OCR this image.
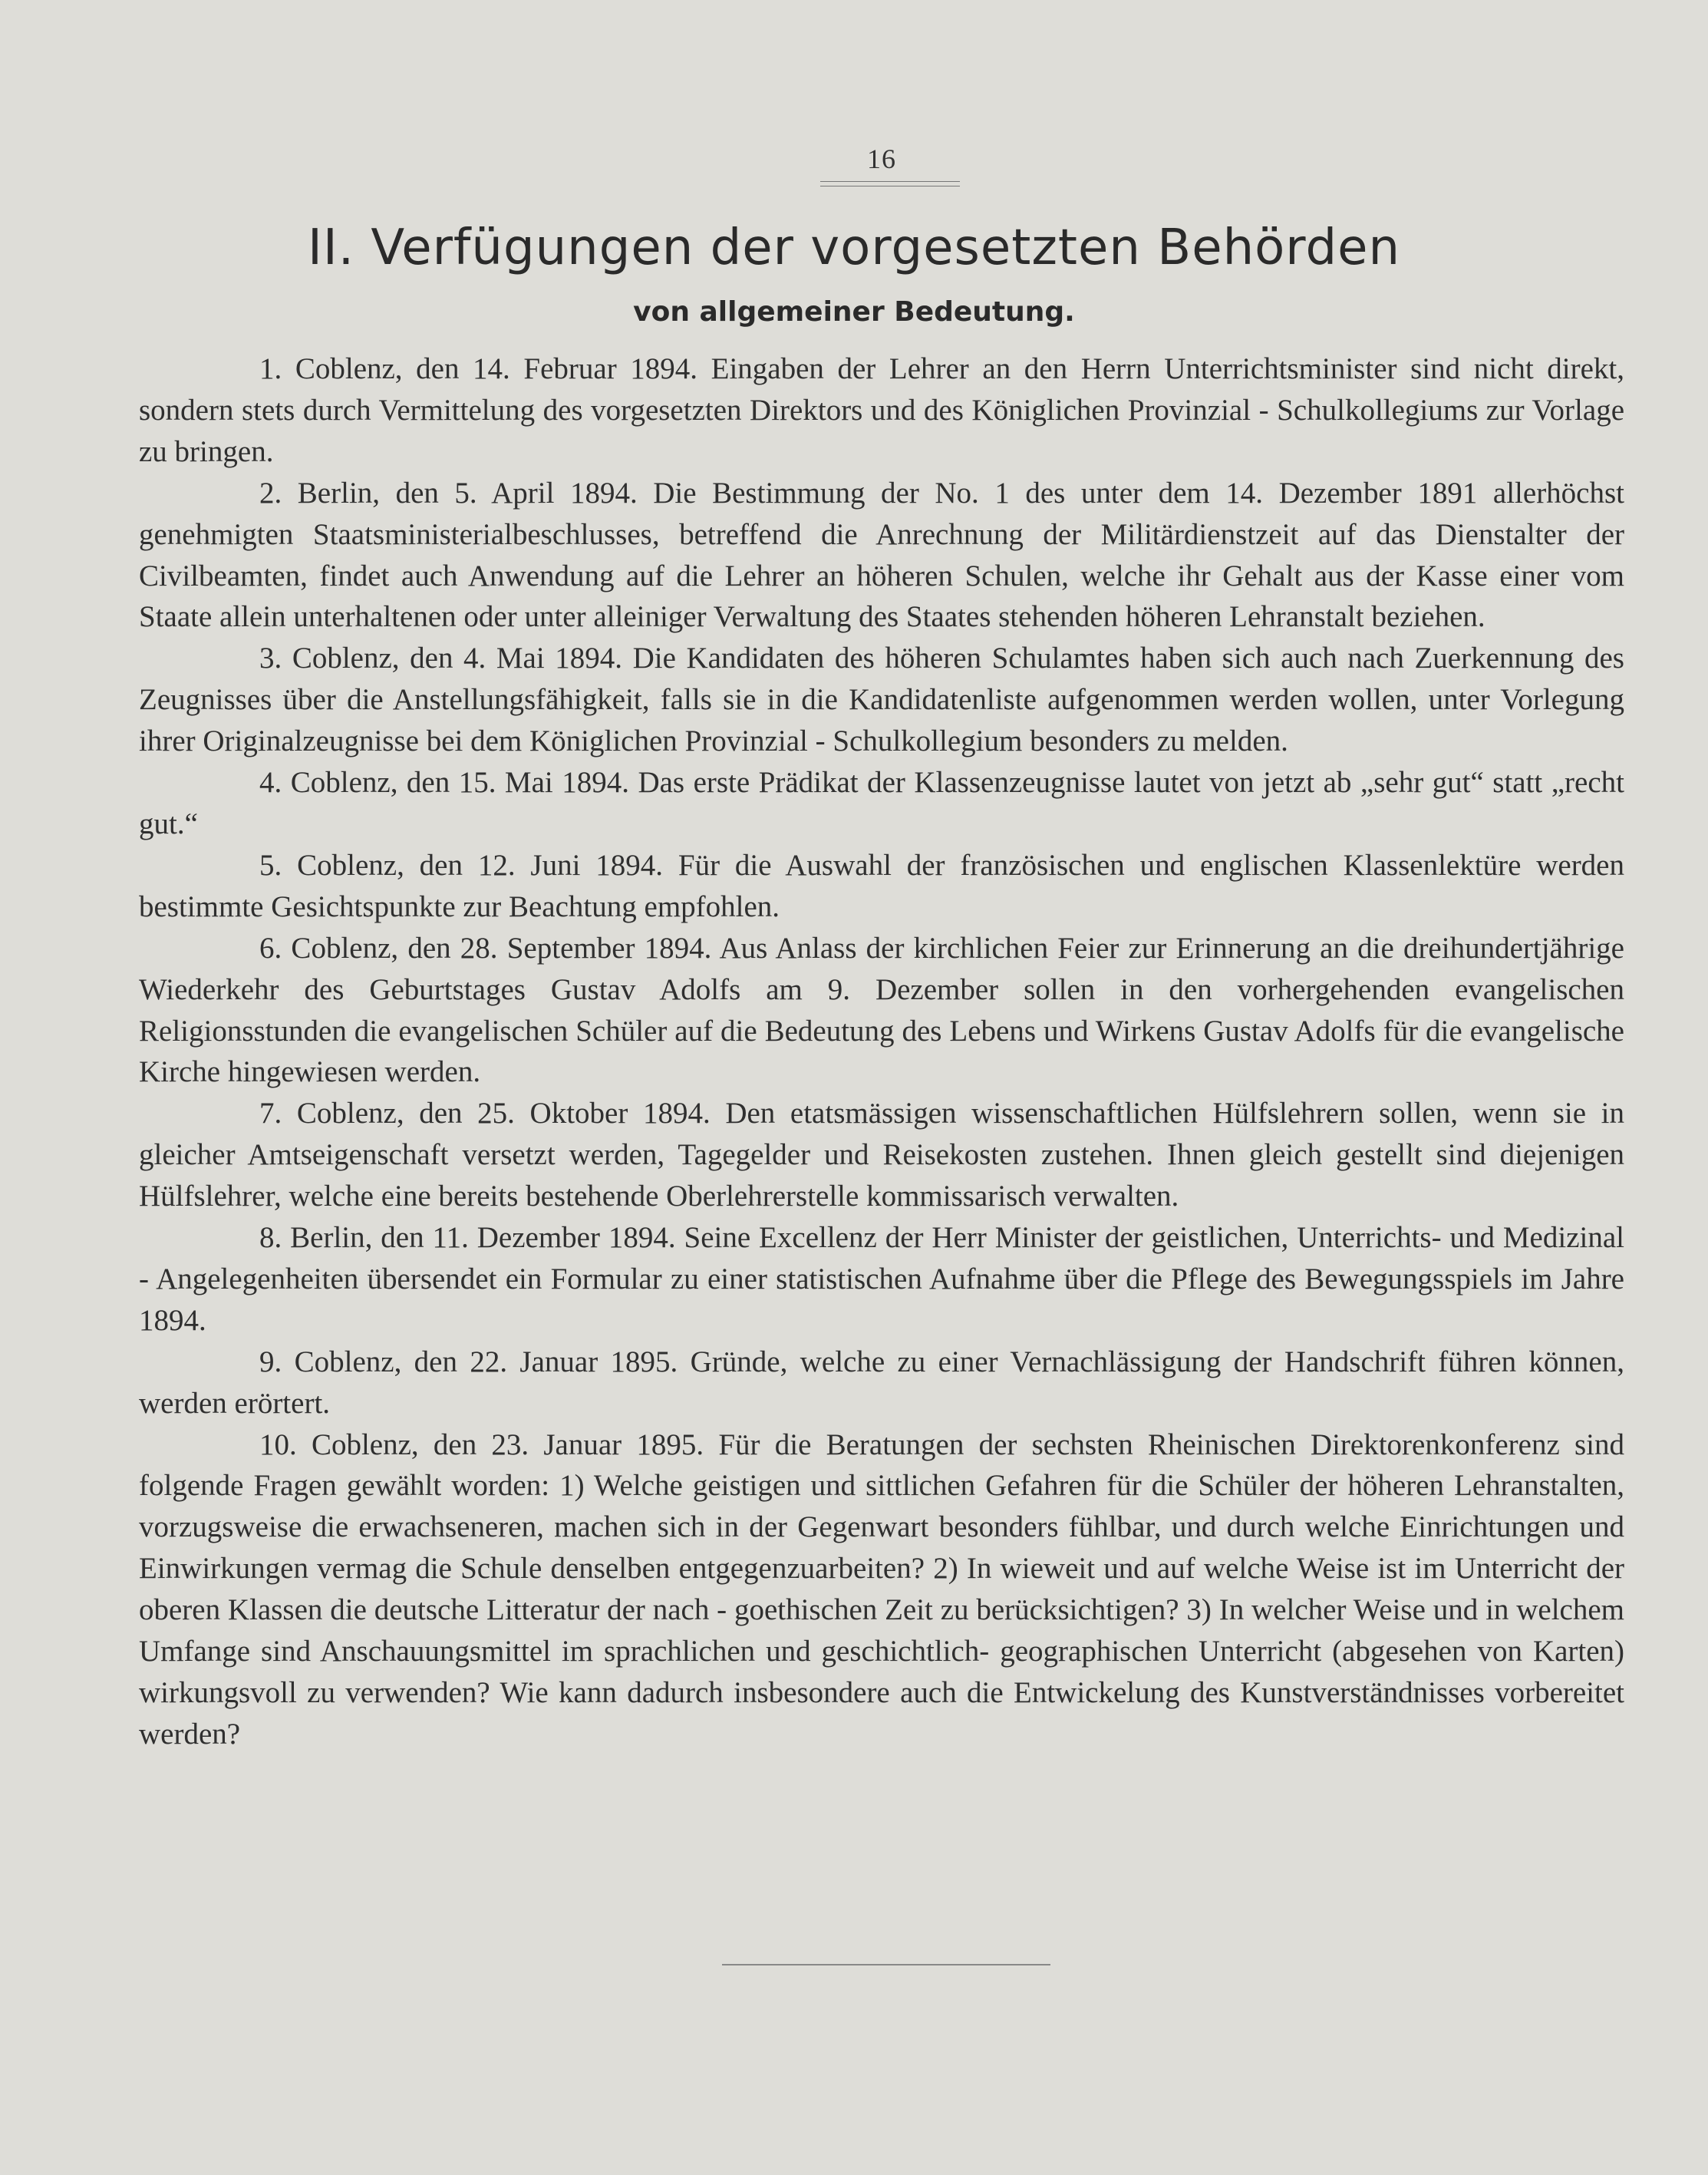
16
II. Verfügungen der vorgesetzten Behörden
von allgemeiner Bedeutung.

1. Coblenz, den 14. Februar 1894. Eingaben der Lehrer an den Herrn Unterrichtsminister sind nicht direkt, sondern stets durch Vermittelung des vorgesetzten Direktors und des Königlichen Provinzial - Schulkollegiums zur Vorlage zu bringen.

2. Berlin, den 5. April 1894. Die Bestimmung der No. 1 des unter dem 14. Dezember 1891 allerhöchst genehmigten Staatsministerialbeschlusses, betreffend die Anrechnung der Militärdienstzeit auf das Dienstalter der Civilbeamten, findet auch Anwendung auf die Lehrer an höheren Schulen, welche ihr Gehalt aus der Kasse einer vom Staate allein unterhaltenen oder unter alleiniger Verwaltung des Staates stehenden höheren Lehranstalt beziehen.

3. Coblenz, den 4. Mai 1894. Die Kandidaten des höheren Schulamtes haben sich auch nach Zuerkennung des Zeugnisses über die Anstellungsfähigkeit, falls sie in die Kandidatenliste aufgenommen werden wollen, unter Vorlegung ihrer Originalzeugnisse bei dem Königlichen Provinzial - Schulkollegium besonders zu melden.

4. Coblenz, den 15. Mai 1894. Das erste Prädikat der Klassenzeugnisse lautet von jetzt ab „sehr gut“ statt „recht gut.“

5. Coblenz, den 12. Juni 1894. Für die Auswahl der französischen und englischen Klassenlektüre werden bestimmte Gesichtspunkte zur Beachtung empfohlen.

6. Coblenz, den 28. September 1894. Aus Anlass der kirchlichen Feier zur Erinnerung an die dreihundertjährige Wiederkehr des Geburtstages Gustav Adolfs am 9. Dezember sollen in den vorhergehenden evangelischen Religionsstunden die evangelischen Schüler auf die Bedeutung des Lebens und Wirkens Gustav Adolfs für die evangelische Kirche hingewiesen werden.

7. Coblenz, den 25. Oktober 1894. Den etatsmässigen wissenschaftlichen Hülfslehrern sollen, wenn sie in gleicher Amtseigenschaft versetzt werden, Tagegelder und Reisekosten zustehen. Ihnen gleich gestellt sind diejenigen Hülfslehrer, welche eine bereits bestehende Oberlehrerstelle kommissarisch verwalten.

8. Berlin, den 11. Dezember 1894. Seine Excellenz der Herr Minister der geistlichen, Unterrichts- und Medizinal - Angelegenheiten übersendet ein Formular zu einer statistischen Aufnahme über die Pflege des Bewegungsspiels im Jahre 1894.

9. Coblenz, den 22. Januar 1895. Gründe, welche zu einer Vernachlässigung der Handschrift führen können, werden erörtert.

10. Coblenz, den 23. Januar 1895. Für die Beratungen der sechsten Rheinischen Direktorenkonferenz sind folgende Fragen gewählt worden: 1) Welche geistigen und sittlichen Gefahren für die Schüler der höheren Lehranstalten, vorzugsweise die erwachseneren, machen sich in der Gegenwart besonders fühlbar, und durch welche Einrichtungen und Einwirkungen vermag die Schule denselben entgegenzuarbeiten? 2) In wieweit und auf welche Weise ist im Unterricht der oberen Klassen die deutsche Litteratur der nach - goethischen Zeit zu berücksichtigen? 3) In welcher Weise und in welchem Umfange sind Anschauungsmittel im sprachlichen und geschichtlich- geographischen Unterricht (abgesehen von Karten) wirkungsvoll zu verwenden? Wie kann dadurch insbesondere auch die Entwickelung des Kunstverständnisses vorbereitet werden?
